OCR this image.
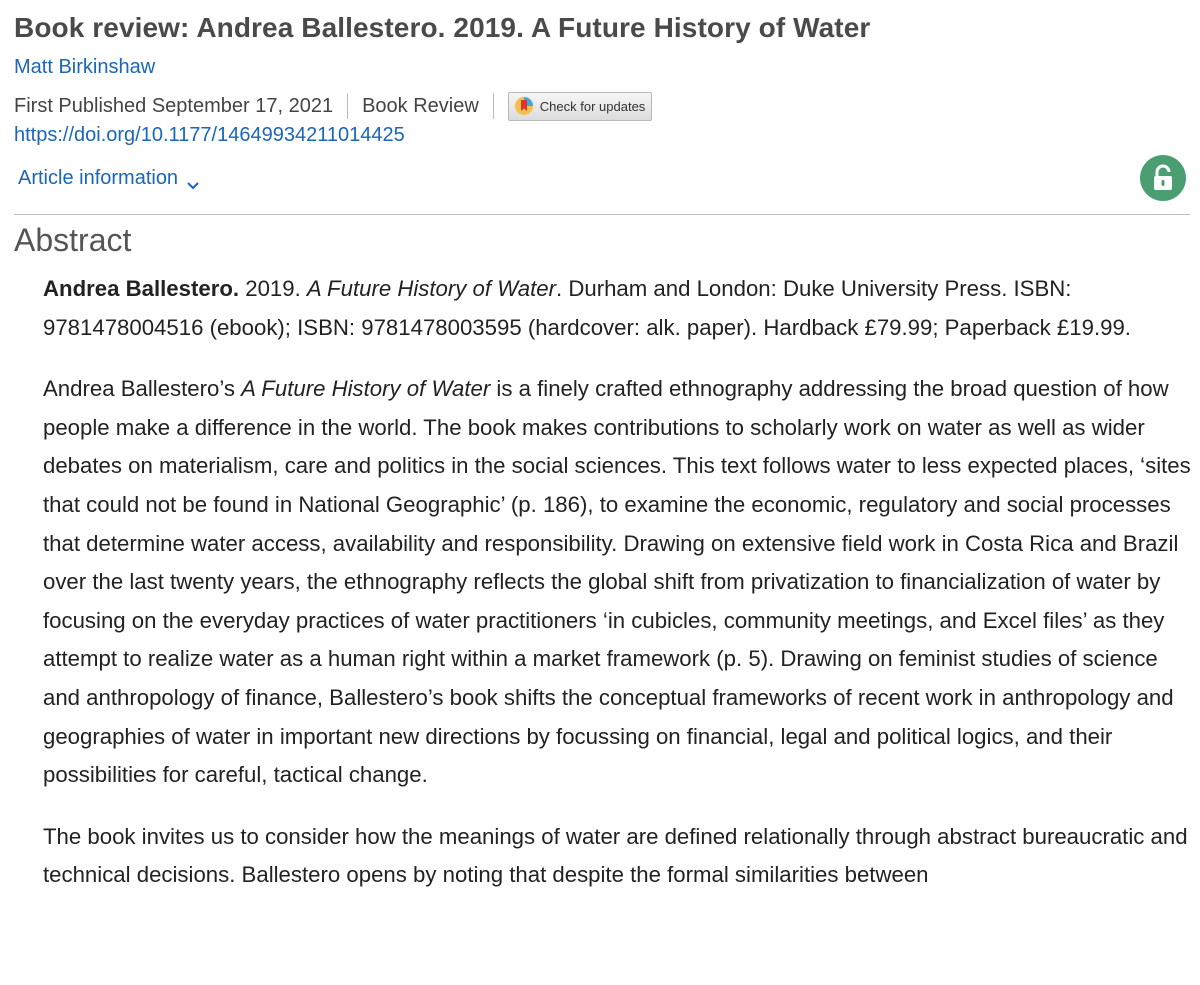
Book review: Andrea Ballestero. 2019. A Future History of Water
Matt Birkinshaw
First Published September 17, 2021 Book Review	Check for updates
https://doi.org/10.1177/14649934211014425
Article information
Abstract

Andrea Ballestero. 2019. A Future History of Water. Durham and London: Duke University Press. ISBN: 9781478004516 (ebook); ISBN: 9781478003595 (hardcover: alk. paper). Hardback £79.99; Paperback £19.99.

Andrea Ballestero’s A Future History of Water is a finely crafted ethnography addressing the broad question of how people make a difference in the world. The book makes contributions to scholarly work on water as well as wider debates on materialism, care and politics in the social sciences. This text follows water to less expected places, ‘sites that could not be found in National Geographic’ (p. 186), to examine the economic, regulatory and social processes that determine water access, availability and responsibility. Drawing on extensive field work in Costa Rica and Brazil over the last twenty years, the ethnography reflects the global shift from privatization to financialization of water by focusing on the everyday practices of water practitioners ‘in cubicles, community meetings, and Excel files’ as they attempt to realize water as a human right within a market framework (p. 5). Drawing on feminist studies of science and anthropology of finance, Ballestero’s book shifts the conceptual frameworks of recent work in anthropology and geographies of water in important new directions by focussing on financial, legal and political logics, and their possibilities for careful, tactical change.

The book invites us to consider how the meanings of water are defined relationally through abstract bureaucratic and technical decisions. Ballestero opens by noting that despite the formal similarities between
